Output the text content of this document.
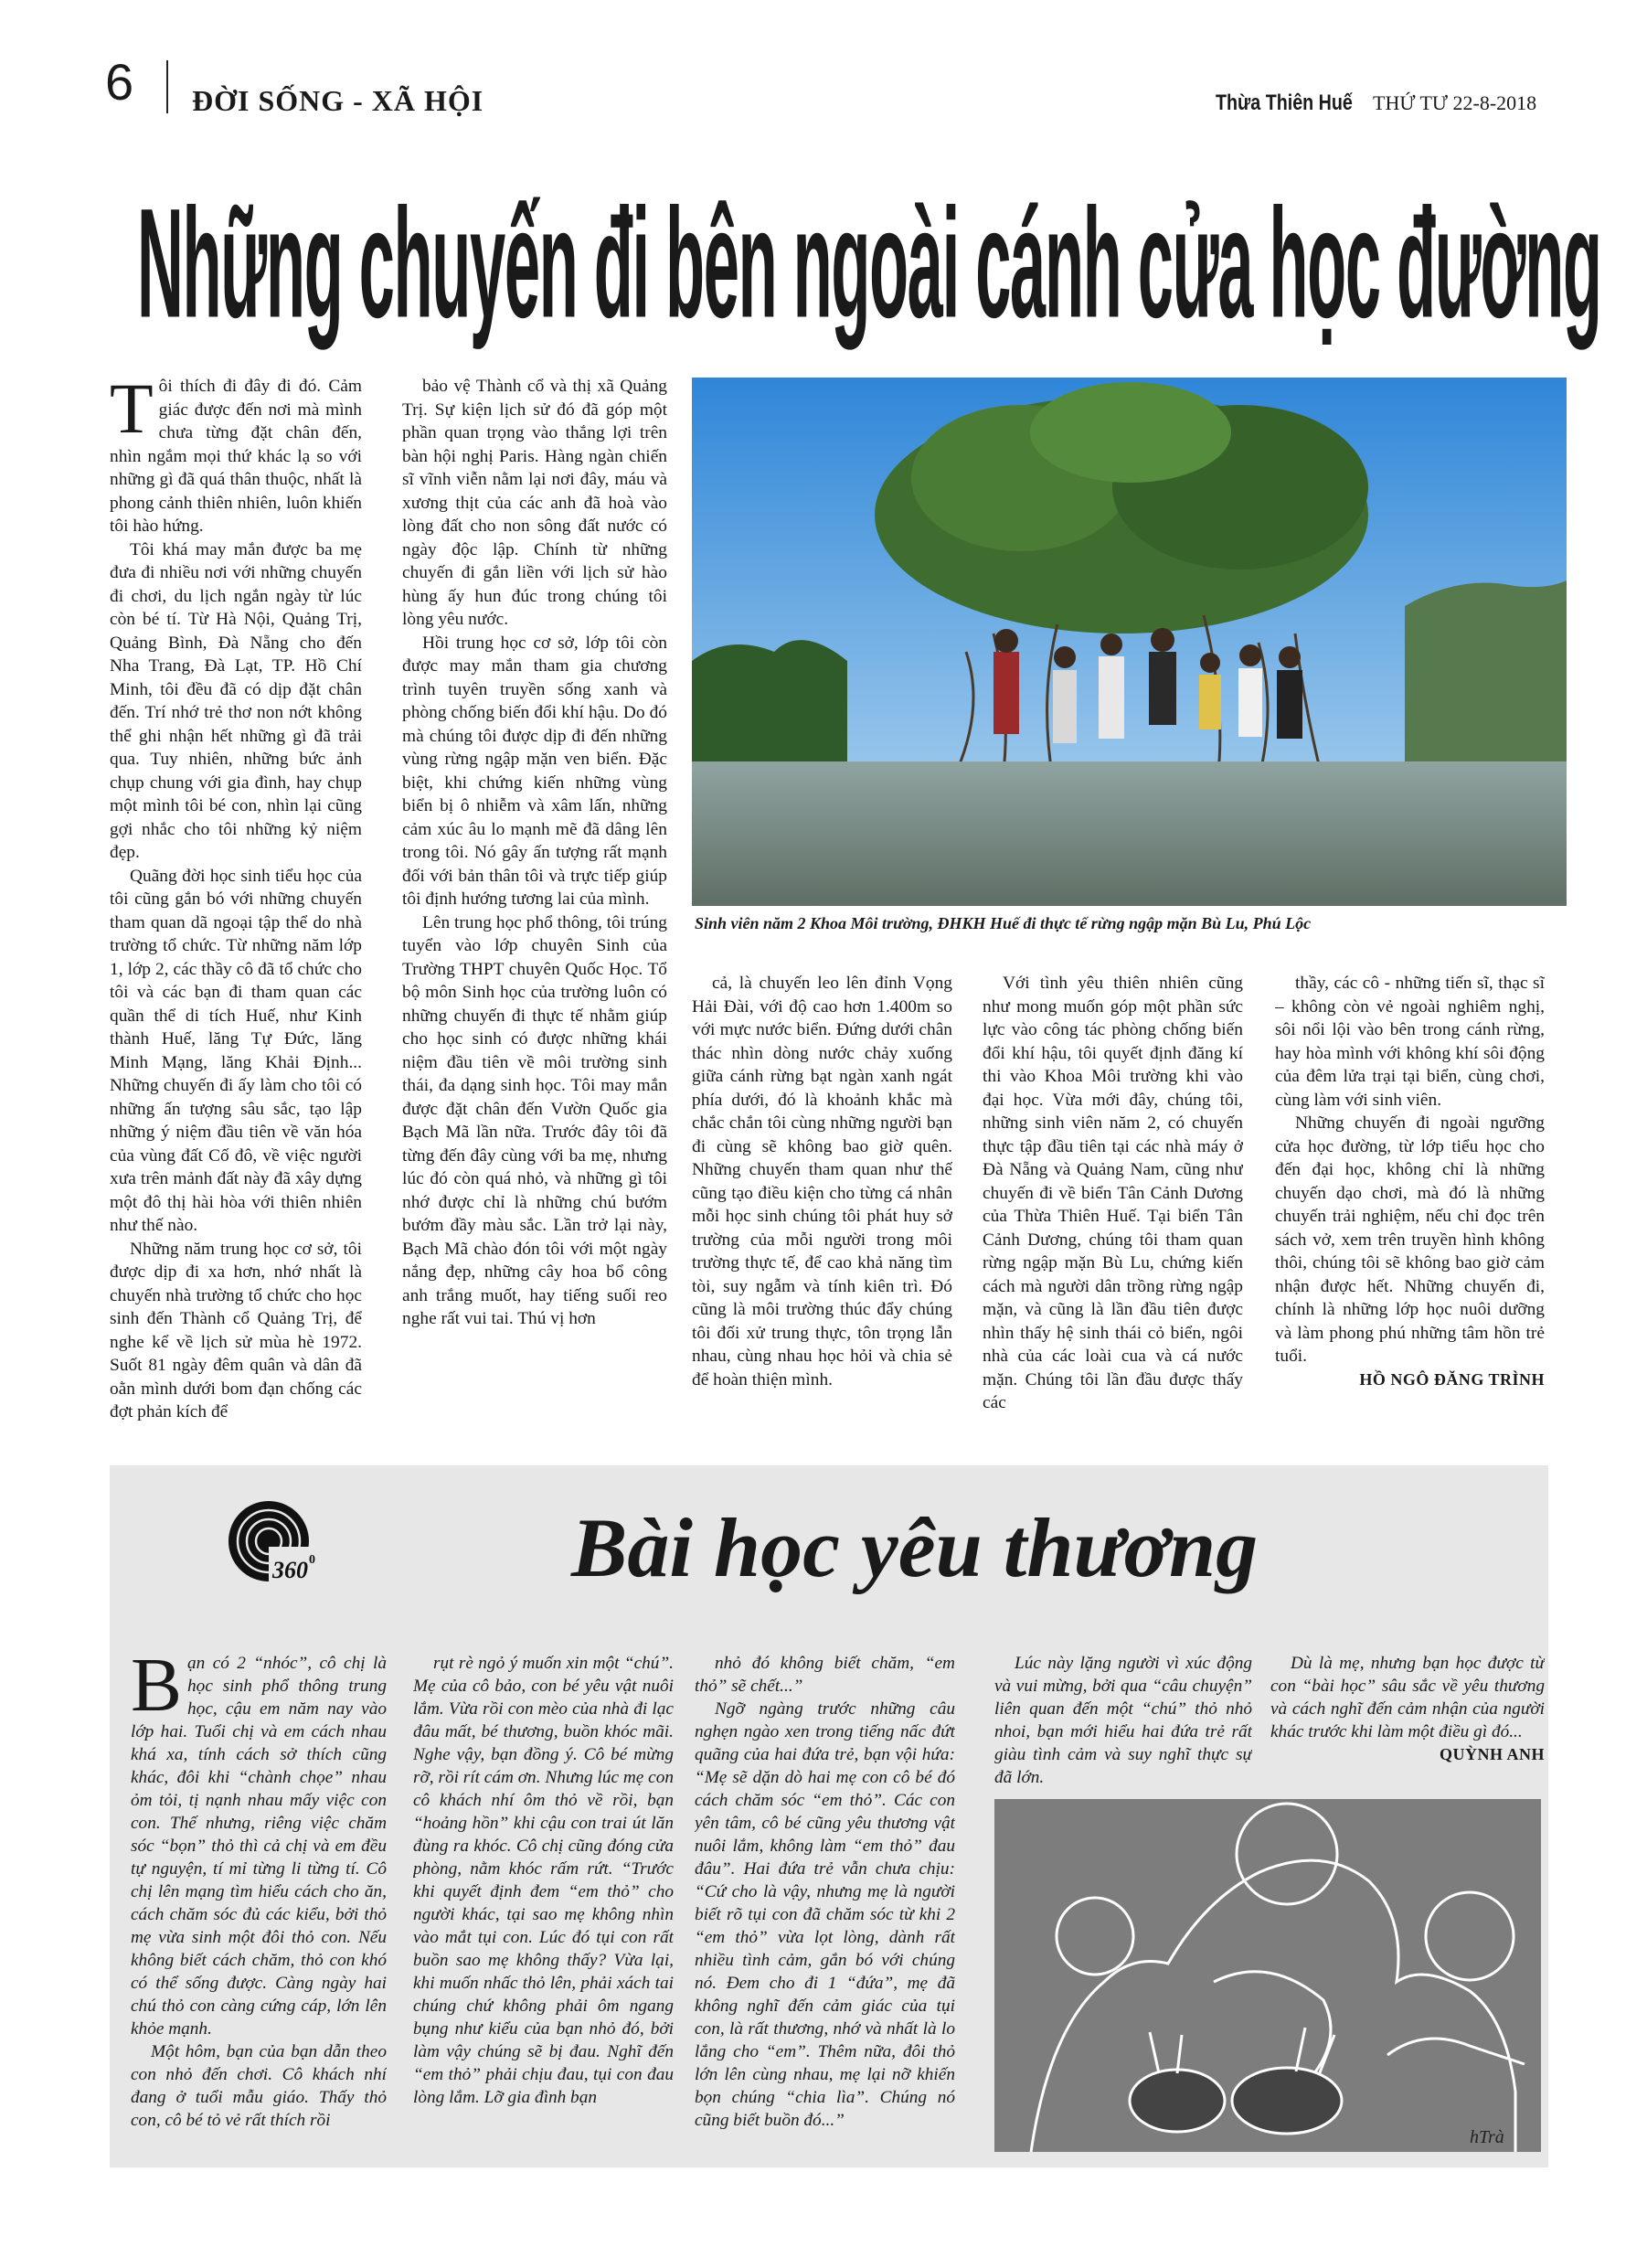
6 ĐỜI SỐNG - XÃ HỘI	Thừa Thiên Huế THỨ TƯ 22-8-2018
Những chuyến đi bên ngoài cánh cửa học đường

Tôi thích đi đây đi đó. Cảm giác được đến nơi mà mình chưa từng đặt chân đến, nhìn ngắm mọi thứ khác lạ so với những gì đã quá thân thuộc, nhất là phong cảnh thiên nhiên, luôn khiến tôi hào hứng.

Tôi khá may mắn được ba mẹ đưa đi nhiều nơi với những chuyến đi chơi, du lịch ngắn ngày từ lúc còn bé tí. Từ Hà Nội, Quảng Trị, Quảng Bình, Đà Nẵng cho đến Nha Trang, Đà Lạt, TP. Hồ Chí Minh, tôi đều đã có dịp đặt chân đến. Trí nhớ trẻ thơ non nớt không thể ghi nhận hết những gì đã trải qua. Tuy nhiên, những bức ảnh chụp chung với gia đình, hay chụp một mình tôi bé con, nhìn lại cũng gợi nhắc cho tôi những kỷ niệm đẹp.

Quãng đời học sinh tiểu học của tôi cũng gắn bó với những chuyến tham quan dã ngoại tập thể do nhà trường tổ chức. Từ những năm lớp 1, lớp 2, các thầy cô đã tổ chức cho tôi và các bạn đi tham quan các quần thể di tích Huế, như Kinh thành Huế, lăng Tự Đức, lăng Minh Mạng, lăng Khải Định... Những chuyến đi ấy làm cho tôi có những ấn tượng sâu sắc, tạo lập những ý niệm đầu tiên về văn hóa của vùng đất Cố đô, về việc người xưa trên mảnh đất này đã xây dựng một đô thị hài hòa với thiên nhiên như thế nào.

Những năm trung học cơ sở, tôi được dịp đi xa hơn, nhớ nhất là chuyến nhà trường tổ chức cho học sinh đến Thành cổ Quảng Trị, để nghe kể về lịch sử mùa hè 1972. Suốt 81 ngày đêm quân và dân đã oằn mình dưới bom đạn chống các đợt phản kích để

bảo vệ Thành cổ và thị xã Quảng Trị. Sự kiện lịch sử đó đã góp một phần quan trọng vào thắng lợi trên bàn hội nghị Paris. Hàng ngàn chiến sĩ vĩnh viễn nằm lại nơi đây, máu và xương thịt của các anh đã hoà vào lòng đất cho non sông đất nước có ngày độc lập. Chính từ những chuyến đi gắn liền với lịch sử hào hùng ấy hun đúc trong chúng tôi lòng yêu nước.

Hồi trung học cơ sở, lớp tôi còn được may mắn tham gia chương trình tuyên truyền sống xanh và phòng chống biến đổi khí hậu. Do đó mà chúng tôi được dịp đi đến những vùng rừng ngập mặn ven biển. Đặc biệt, khi chứng kiến những vùng biển bị ô nhiễm và xâm lấn, những cảm xúc âu lo mạnh mẽ đã dâng lên trong tôi. Nó gây ấn tượng rất mạnh đối với bản thân tôi và trực tiếp giúp tôi định hướng tương lai của mình.

Lên trung học phổ thông, tôi trúng tuyển vào lớp chuyên Sinh của Trường THPT chuyên Quốc Học. Tổ bộ môn Sinh học của trường luôn có những chuyến đi thực tế nhằm giúp cho học sinh có được những khái niệm đầu tiên về môi trường sinh thái, đa dạng sinh học. Tôi may mắn được đặt chân đến Vườn Quốc gia Bạch Mã lần nữa. Trước đây tôi đã từng đến đây cùng với ba mẹ, nhưng lúc đó còn quá nhỏ, và những gì tôi nhớ được chỉ là những chú bướm bướm đầy màu sắc. Lần trở lại này, Bạch Mã chào đón tôi với một ngày nắng đẹp, những cây hoa bổ công anh trắng muốt, hay tiếng suối reo nghe rất vui tai. Thú vị hơn

cả, là chuyến leo lên đỉnh Vọng Hải Đài, với độ cao hơn 1.400m so với mực nước biển. Đứng dưới chân thác nhìn dòng nước chảy xuống giữa cánh rừng bạt ngàn xanh ngát phía dưới, đó là khoảnh khắc mà chắc chắn tôi cùng những người bạn đi cùng sẽ không bao giờ quên. Những chuyến tham quan như thế cũng tạo điều kiện cho từng cá nhân mỗi học sinh chúng tôi phát huy sở trường của mỗi người trong môi trường thực tế, để cao khả năng tìm tòi, suy ngẫm và tính kiên trì. Đó cũng là môi trường thúc đẩy chúng tôi đối xử trung thực, tôn trọng lẫn nhau, cùng nhau học hỏi và chia sẻ để hoàn thiện mình.

Với tình yêu thiên nhiên cũng như mong muốn góp một phần sức lực vào công tác phòng chống biến đổi khí hậu, tôi quyết định đăng kí thi vào Khoa Môi trường khi vào đại học. Vừa mới đây, chúng tôi, những sinh viên năm 2, có chuyến thực tập đầu tiên tại các nhà máy ở Đà Nẵng và Quảng Nam, cũng như chuyến đi về biển Tân Cảnh Dương của Thừa Thiên Huế. Tại biển Tân Cảnh Dương, chúng tôi tham quan rừng ngập mặn Bù Lu, chứng kiến cách mà người dân trồng rừng ngập mặn, và cũng là lần đầu tiên được nhìn thấy hệ sinh thái cỏ biển, ngôi nhà của các loài cua và cá nước mặn. Chúng tôi lần đầu được thấy các

thầy, các cô - những tiến sĩ, thạc sĩ – không còn vẻ ngoài nghiêm nghị, sôi nổi lội vào bên trong cánh rừng, hay hòa mình với không khí sôi động của đêm lửa trại tại biển, cùng chơi, cùng làm với sinh viên.

Những chuyến đi ngoài ngưỡng cửa học đường, từ lớp tiểu học cho đến đại học, không chỉ là những chuyến dạo chơi, mà đó là những chuyến trải nghiệm, nếu chỉ đọc trên sách vở, xem trên truyền hình không thôi, chúng tôi sẽ không bao giờ cảm nhận được hết. Những chuyến đi, chính là những lớp học nuôi dưỡng và làm phong phú những tâm hồn trẻ tuổi.

HỒ NGÔ ĐĂNG TRÌNH
Sinh viên năm 2 Khoa Môi trường, ĐHKH Huế đi thực tế rừng ngập mặn Bù Lu, Phú Lộc
360 0	Bài học yêu thương

Bạn có 2 “nhóc”, cô chị là học sinh phổ thông trung học, cậu em năm nay vào lớp hai. Tuổi chị và em cách nhau khá xa, tính cách sở thích cũng khác, đôi khi “chành chọe” nhau ỏm tỏi, tị nạnh nhau mấy việc con con. Thế nhưng, riêng việc chăm sóc “bọn” thỏ thì cả chị và em đều tự nguyện, tí mỉ từng li từng tí. Cô chị lên mạng tìm hiểu cách cho ăn, cách chăm sóc đủ các kiểu, bởi thỏ mẹ vừa sinh một đôi thỏ con. Nếu không biết cách chăm, thỏ con khó có thể sống được. Càng ngày hai chú thỏ con càng cứng cáp, lớn lên khỏe mạnh.

Một hôm, bạn của bạn dẫn theo con nhỏ đến chơi. Cô khách nhí đang ở tuổi mẫu giáo. Thấy thỏ con, cô bé tỏ vẻ rất thích rồi

rụt rè ngỏ ý muốn xin một “chú”. Mẹ của cô bảo, con bé yêu vật nuôi lắm. Vừa rồi con mèo của nhà đi lạc đâu mất, bé thương, buồn khóc mãi. Nghe vậy, bạn đồng ý. Cô bé mừng rỡ, rồi rít cám ơn. Nhưng lúc mẹ con cô khách nhí ôm thỏ về rồi, bạn “hoảng hồn” khi cậu con trai út lăn đùng ra khóc. Cô chị cũng đóng cửa phòng, nằm khóc rấm rứt. “Trước khi quyết định đem “em thỏ” cho người khác, tại sao mẹ không nhìn vào mắt tụi con. Lúc đó tụi con rất buồn sao mẹ không thấy? Vừa lại, khi muốn nhấc thỏ lên, phải xách tai chúng chứ không phải ôm ngang bụng như kiểu của bạn nhỏ đó, bởi làm vậy chúng sẽ bị đau. Nghĩ đến “em thỏ” phải chịu đau, tụi con đau lòng lắm. Lỡ gia đình bạn

nhỏ đó không biết chăm, “em thỏ” sẽ chết...”

Ngỡ ngàng trước những câu nghẹn ngào xen trong tiếng nấc đứt quãng của hai đứa trẻ, bạn vội hứa: “Mẹ sẽ dặn dò hai mẹ con cô bé đó cách chăm sóc “em thỏ”. Các con yên tâm, cô bé cũng yêu thương vật nuôi lắm, không làm “em thỏ” đau đâu”. Hai đứa trẻ vẫn chưa chịu: “Cứ cho là vậy, nhưng mẹ là người biết rõ tụi con đã chăm sóc từ khi 2 “em thỏ” vừa lọt lòng, dành rất nhiều tình cảm, gắn bó với chúng nó. Đem cho đi 1 “đứa”, mẹ đã không nghĩ đến cảm giác của tụi con, là rất thương, nhớ và nhất là lo lắng cho “em”. Thêm nữa, đôi thỏ lớn lên cùng nhau, mẹ lại nỡ khiến bọn chúng “chia lìa”. Chúng nó cũng biết buồn đó...”

Lúc này lặng người vì xúc động và vui mừng, bởi qua “câu chuyện” liên quan đến một “chú” thỏ nhỏ nhoi, bạn mới hiểu hai đứa trẻ rất giàu tình cảm và suy nghĩ thực sự đã lớn.

Dù là mẹ, nhưng bạn học được từ con “bài học” sâu sắc về yêu thương và cách nghĩ đến cảm nhận của người khác trước khi làm một điều gì đó...

QUỲNH ANH
hTrà
